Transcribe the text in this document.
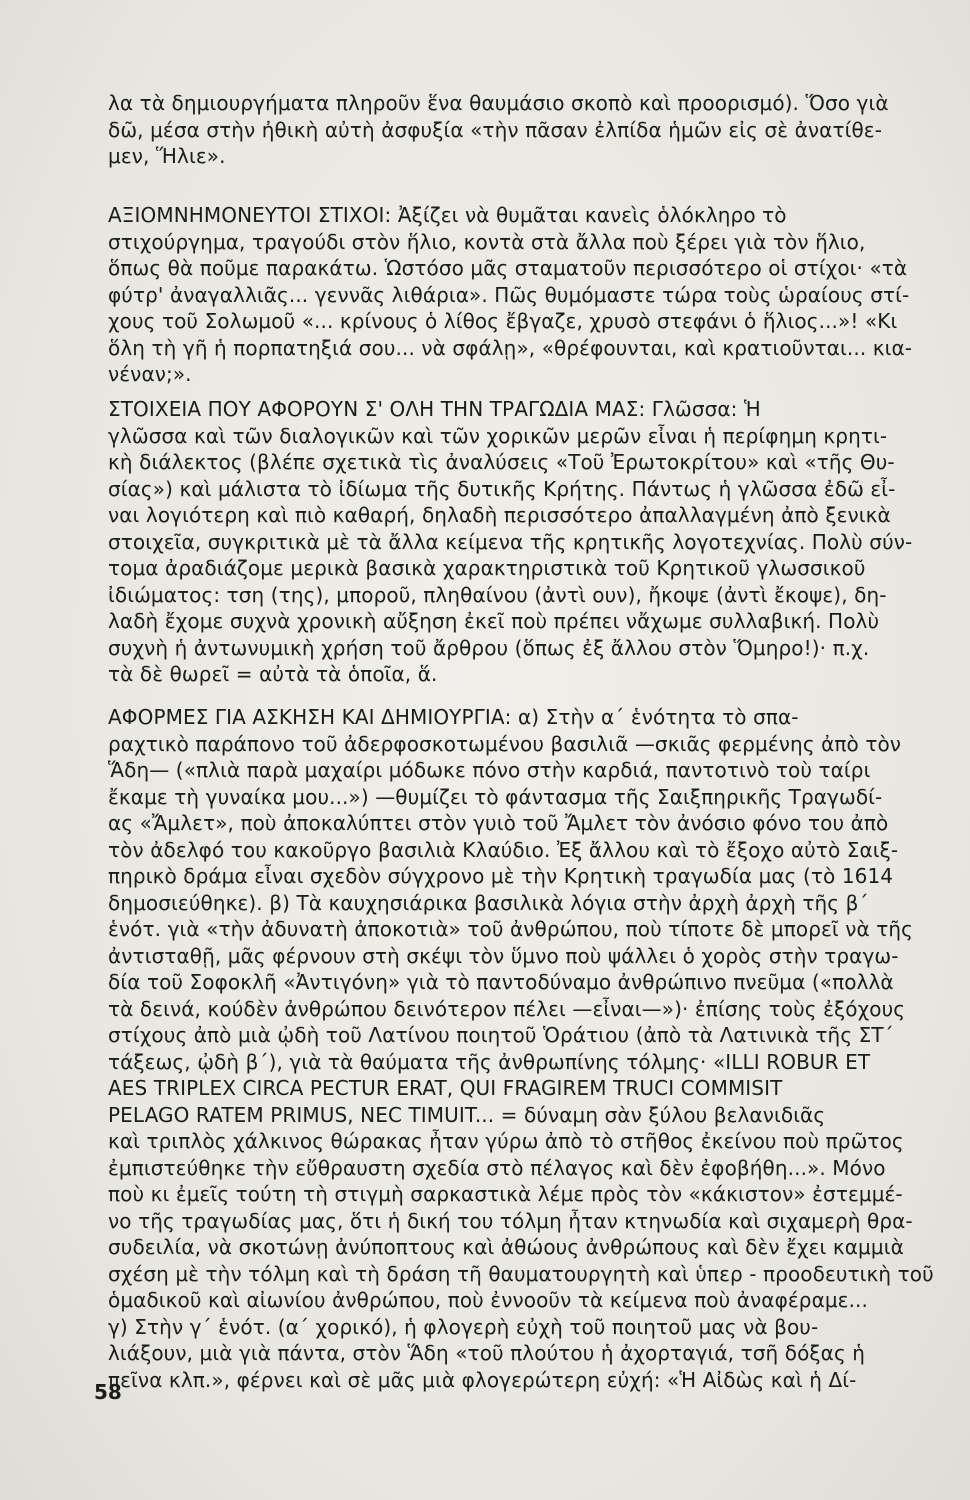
λα τὰ δημιουργήματα πληροῦν ἕνα θαυμάσιο σκοπὸ καὶ προορισμό). Ὅσο γιὰ
δῶ, μέσα στὴν ἠθικὴ αὐτὴ ἀσφυξία «τὴν πᾶσαν ἐλπίδα ἡμῶν εἰς σὲ ἀνατίθε-
μεν, Ἥλιε».

ΑΞΙΟΜΝΗΜΟΝΕΥΤΟΙ ΣΤΙΧΟΙ: Ἀξίζει νὰ θυμᾶται κανεὶς ὁλόκληρο τὸ
στιχούργημα, τραγούδι στὸν ἥλιο, κοντὰ στὰ ἄλλα ποὺ ξέρει γιὰ τὸν ἥλιο,
ὅπως θὰ ποῦμε παρακάτω. Ὡστόσο μᾶς σταματοῦν περισσότερο οἱ στίχοι· «τὰ
φύτρ' ἀναγαλλιᾶς... γεννᾶς λιθάρια». Πῶς θυμόμαστε τώρα τοὺς ὡραίους στί-
χους τοῦ Σολωμοῦ «... κρίνους ὁ λίθος ἔβγαζε, χρυσὸ στεφάνι ὁ ἥλιος...»! «Κι
ὅλη τὴ γῆ ἡ πορπατηξιά σου... νὰ σφάλῃ», «θρέφουνται, καὶ κρατιοῦνται... κια-
νέναν;».

ΣΤΟΙΧΕΙΑ ΠΟΥ ΑΦΟΡΟΥΝ Σ' ΟΛΗ ΤΗΝ ΤΡΑΓΩΔΙΑ ΜΑΣ: Γλῶσσα: Ἡ
γλῶσσα καὶ τῶν διαλογικῶν καὶ τῶν χορικῶν μερῶν εἶναι ἡ περίφημη κρητι-
κὴ διάλεκτος (βλέπε σχετικὰ τὶς ἀναλύσεις «Τοῦ Ἐρωτοκρίτου» καὶ «τῆς Θυ-
σίας») καὶ μάλιστα τὸ ἰδίωμα τῆς δυτικῆς Κρήτης. Πάντως ἡ γλῶσσα ἐδῶ εἶ-
ναι λογιότερη καὶ πιὸ καθαρή, δηλαδὴ περισσότερο ἀπαλλαγμένη ἀπὸ ξενικὰ
στοιχεῖα, συγκριτικὰ μὲ τὰ ἄλλα κείμενα τῆς κρητικῆς λογοτεχνίας. Πολὺ σύν-
τομα ἀραδιάζομε μερικὰ βασικὰ χαρακτηριστικὰ τοῦ Κρητικοῦ γλωσσικοῦ
ἰδιώματος: τση (της), μποροῦ, πληθαίνου (ἀντὶ ουν), ἤκοψε (ἀντὶ ἔκοψε), δη-
λαδὴ ἔχομε συχνὰ χρονικὴ αὔξηση ἐκεῖ ποὺ πρέπει νἄχωμε συλλαβική. Πολὺ
συχνὴ ἡ ἀντωνυμικὴ χρήση τοῦ ἄρθρου (ὅπως ἐξ ἄλλου στὸν Ὅμηρο!)· π.χ.
τὰ δὲ θωρεῖ = αὐτὰ τὰ ὁποῖα, ἅ.

ΑΦΟΡΜΕΣ ΓΙΑ ΑΣΚΗΣΗ ΚΑΙ ΔΗΜΙΟΥΡΓΙΑ: α) Στὴν α΄ ἑνότητα τὸ σπα-
ραχτικὸ παράπονο τοῦ ἀδερφοσκοτωμένου βασιλιᾶ —σκιᾶς φερμένης ἀπὸ τὸν
Ἅδη— («πλιὰ παρὰ μαχαίρι μόδωκε πόνο στὴν καρδιά, παντοτινὸ τοὺ ταίρι
ἔκαμε τὴ γυναίκα μου...») —θυμίζει τὸ φάντασμα τῆς Σαιξπηρικῆς Τραγωδί-
ας «Ἄμλετ», ποὺ ἀποκαλύπτει στὸν γυιὸ τοῦ Ἄμλετ τὸν ἀνόσιο φόνο του ἀπὸ
τὸν ἀδελφό του κακοῦργο βασιλιὰ Κλαύδιο. Ἐξ ἄλλου καὶ τὸ ἔξοχο αὐτὸ Σαιξ-
πηρικὸ δράμα εἶναι σχεδὸν σύγχρονο μὲ τὴν Κρητικὴ τραγωδία μας (τὸ 1614
δημοσιεύθηκε). β) Τὰ καυχησιάρικα βασιλικὰ λόγια στὴν ἀρχὴ ἀρχὴ τῆς β΄
ἑνότ. γιὰ «τὴν ἀδυνατὴ ἀποκοτιὰ» τοῦ ἀνθρώπου, ποὺ τίποτε δὲ μπορεῖ νὰ τῆς
ἀντισταθῇ, μᾶς φέρνουν στὴ σκέψι τὸν ὕμνο ποὺ ψάλλει ὁ χορὸς στὴν τραγω-
δία τοῦ Σοφοκλῆ «Ἀντιγόνη» γιὰ τὸ παντοδύναμο ἀνθρώπινο πνεῦμα («πολλὰ
τὰ δεινά, κούδὲν ἀνθρώπου δεινότερον πέλει —εἶναι—»)· ἐπίσης τοὺς ἐξόχους
στίχους ἀπὸ μιὰ ᾠδὴ τοῦ Λατίνου ποιητοῦ Ὁράτιου (ἀπὸ τὰ Λατινικὰ τῆς ΣΤ΄
τάξεως, ᾠδὴ β΄), γιὰ τὰ θαύματα τῆς ἀνθρωπίνης τόλμης· «ILLI ROBUR ET
AES TRIPLEX CIRCA PECTUR ERAT, QUI FRAGIREM TRUCI COMMISIT
PELAGO RATEM PRIMUS, NEC TIMUIT... = δύναμη σὰν ξύλου βελανιδιᾶς
καὶ τριπλὸς χάλκινος θώρακας ἦταν γύρω ἀπὸ τὸ στῆθος ἐκείνου ποὺ πρῶτος
ἐμπιστεύθηκε τὴν εὔθραυστη σχεδία στὸ πέλαγος καὶ δὲν ἐφοβήθη...». Μόνο
ποὺ κι ἐμεῖς τούτη τὴ στιγμὴ σαρκαστικὰ λέμε πρὸς τὸν «κάκιστον» ἐστεμμέ-
νο τῆς τραγωδίας μας, ὅτι ἡ δική του τόλμη ἦταν κτηνωδία καὶ σιχαμερὴ θρα-
συδειλία, νὰ σκοτώνῃ ἀνύποπτους καὶ ἀθώους ἀνθρώπους καὶ δὲν ἔχει καμμιὰ
σχέση μὲ τὴν τόλμη καὶ τὴ δράση τῆ θαυματουργητὴ καὶ ὑπερ - προοδευτικὴ τοῦ
ὁμαδικοῦ καὶ αἰωνίου ἀνθρώπου, ποὺ ἐννοοῦν τὰ κείμενα ποὺ ἀναφέραμε...
γ) Στὴν γ΄ ἑνότ. (α΄ χορικό), ἡ φλογερὴ εὐχὴ τοῦ ποιητοῦ μας νὰ βου-
λιάξουν, μιὰ γιὰ πάντα, στὸν Ἅδη «τοῦ πλούτου ἡ ἀχορταγιά, τσῆ δόξας ἡ
πεῖνα κλπ.», φέρνει καὶ σὲ μᾶς μιὰ φλογερώτερη εὐχή: «Ἡ Αἰδὼς καὶ ἡ Δί-

58
